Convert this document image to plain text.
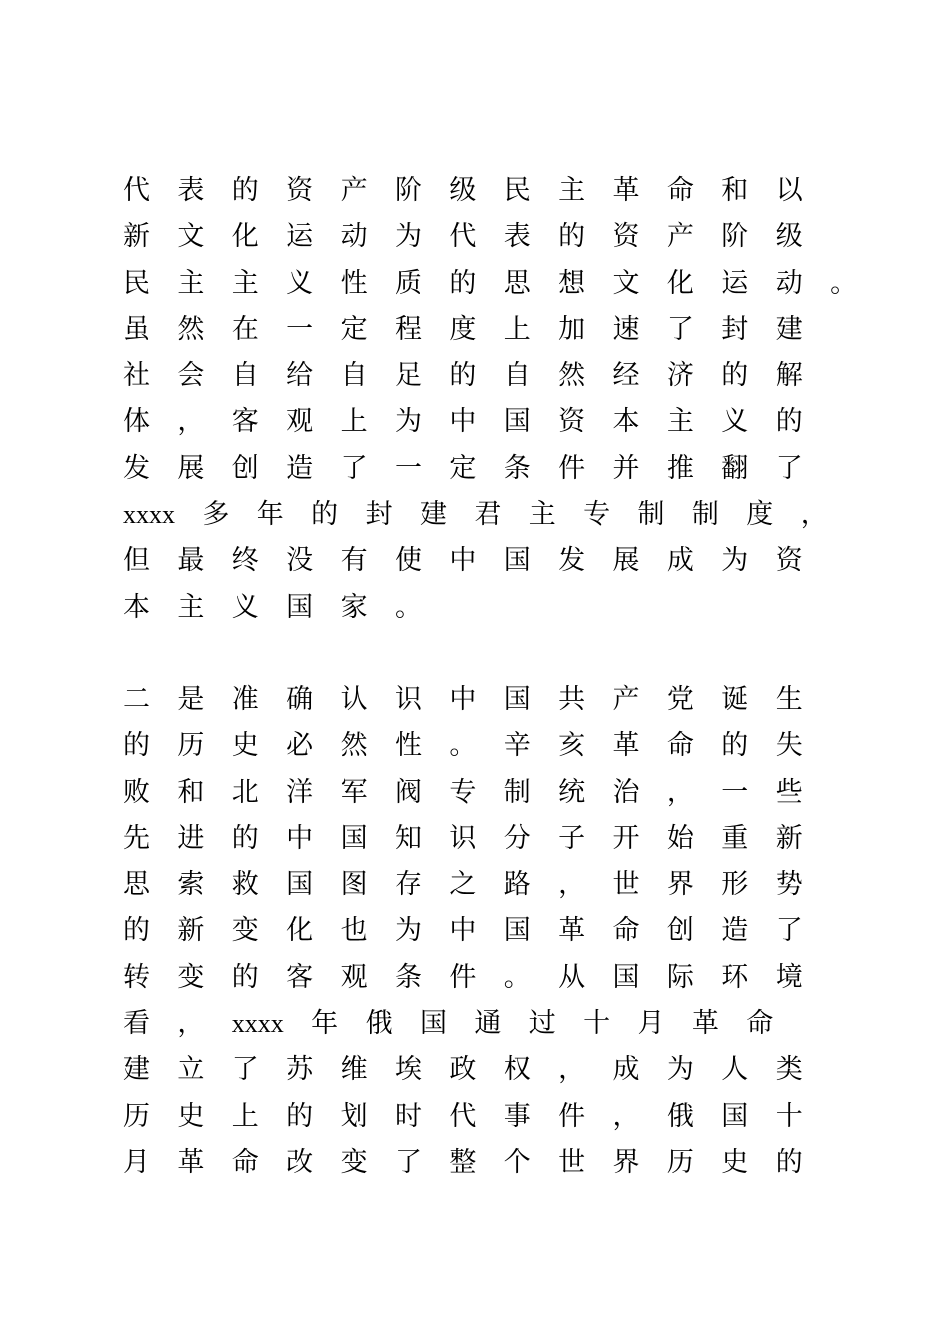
代 表 的 资 产 阶 级 民 主 革 命 和 以
新 文 化 运 动 为 代 表 的 资 产 阶 级
民 主 主 义 性 质 的 思 想 文 化 运 动 。
虽 然 在 一 定 程 度 上 加 速 了 封 建
社 会 自 给 自 足 的 自 然 经 济 的 解
体 ， 客 观 上 为 中 国 资 本 主 义 的
发 展 创 造 了 一 定 条 件 并 推 翻 了
xxxx 多 年 的 封 建 君 主 专 制 制 度 ，
但 最 终 没 有 使 中 国 发 展 成 为 资
本 主 义 国 家 。
二 是 准 确 认 识 中 国 共 产 党 诞 生
的 历 史 必 然 性 。 辛 亥 革 命 的 失
败 和 北 洋 军 阀 专 制 统 治 ， 一 些
先 进 的 中 国 知 识 分 子 开 始 重 新
思 索 救 国 图 存 之 路 ， 世 界 形 势
的 新 变 化 也 为 中 国 革 命 创 造 了
转 变 的 客 观 条 件 。 从 国 际 环 境
看 ， xxxx 年 俄 国 通 过 十 月 革 命
建 立 了 苏 维 埃 政 权 ， 成 为 人 类
历 史 上 的 划 时 代 事 件 ， 俄 国 十
月 革 命 改 变 了 整 个 世 界 历 史 的
